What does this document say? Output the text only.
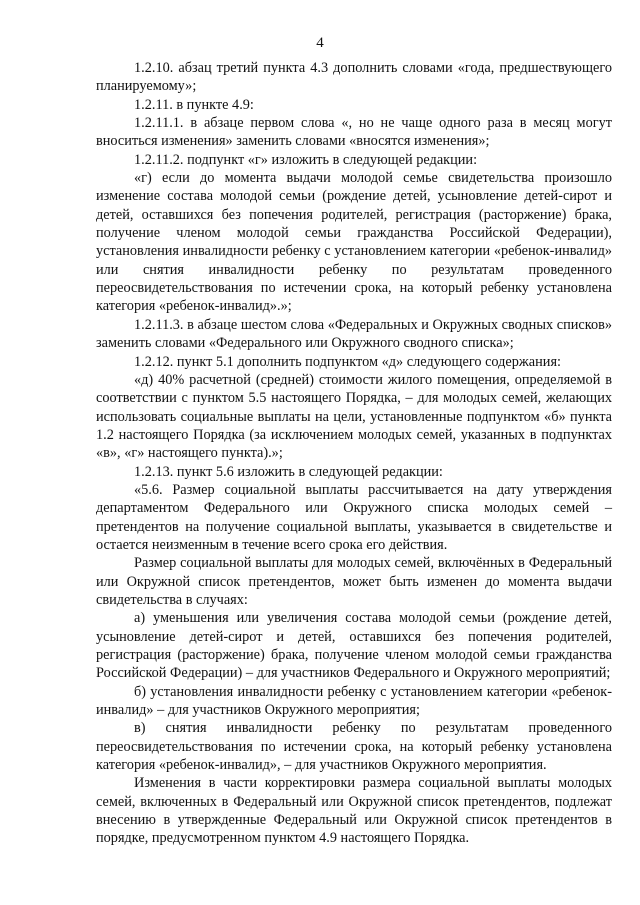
4

1.2.10. абзац третий пункта 4.3 дополнить словами «года, предшествующего планируемому»;

1.2.11. в пункте 4.9:

1.2.11.1. в абзаце первом слова «, но не чаще одного раза в месяц могут вноситься изменения» заменить словами «вносятся изменения»;

1.2.11.2. подпункт «г» изложить в следующей редакции:

«г) если до момента выдачи молодой семье свидетельства произошло изменение состава молодой семьи (рождение детей, усыновление детей-сирот и детей, оставшихся без попечения родителей, регистрация (расторжение) брака, получение членом молодой семьи гражданства Российской Федерации), установления инвалидности ребенку с установлением категории «ребенок-инвалид» или снятия инвалидности ребенку по результатам проведенного переосвидетельствования по истечении срока, на который ребенку установлена категория «ребенок-инвалид».»;

1.2.11.3. в абзаце шестом слова «Федеральных и Окружных сводных списков» заменить словами «Федерального или Окружного сводного списка»;

1.2.12. пункт 5.1 дополнить подпунктом «д» следующего содержания:

«д) 40% расчетной (средней) стоимости жилого помещения, определяемой в соответствии с пунктом 5.5 настоящего Порядка, – для молодых семей, желающих использовать социальные выплаты на цели, установленные подпунктом «б» пункта 1.2 настоящего Порядка (за исключением молодых семей, указанных в подпунктах «в», «г» настоящего пункта).»;

1.2.13. пункт 5.6 изложить в следующей редакции:

«5.6. Размер социальной выплаты рассчитывается на дату утверждения департаментом Федерального или Окружного списка молодых семей – претендентов на получение социальной выплаты, указывается в свидетельстве и остается неизменным в течение всего срока его действия.

Размер социальной выплаты для молодых семей, включённых в Федеральный или Окружной список претендентов, может быть изменен до момента выдачи свидетельства в случаях:

а) уменьшения или увеличения состава молодой семьи (рождение детей, усыновление детей-сирот и детей, оставшихся без попечения родителей, регистрация (расторжение) брака, получение членом молодой семьи гражданства Российской Федерации) – для участников Федерального и Окружного мероприятий;

б) установления инвалидности ребенку с установлением категории «ребенок-инвалид» – для участников Окружного мероприятия;

в) снятия инвалидности ребенку по результатам проведенного переосвидетельствования по истечении срока, на который ребенку установлена категория «ребенок-инвалид», – для участников Окружного мероприятия.

Изменения в части корректировки размера социальной выплаты молодых семей, включенных в Федеральный или Окружной список претендентов, подлежат внесению в утвержденные Федеральный или Окружной список претендентов в порядке, предусмотренном пунктом 4.9 настоящего Порядка.
